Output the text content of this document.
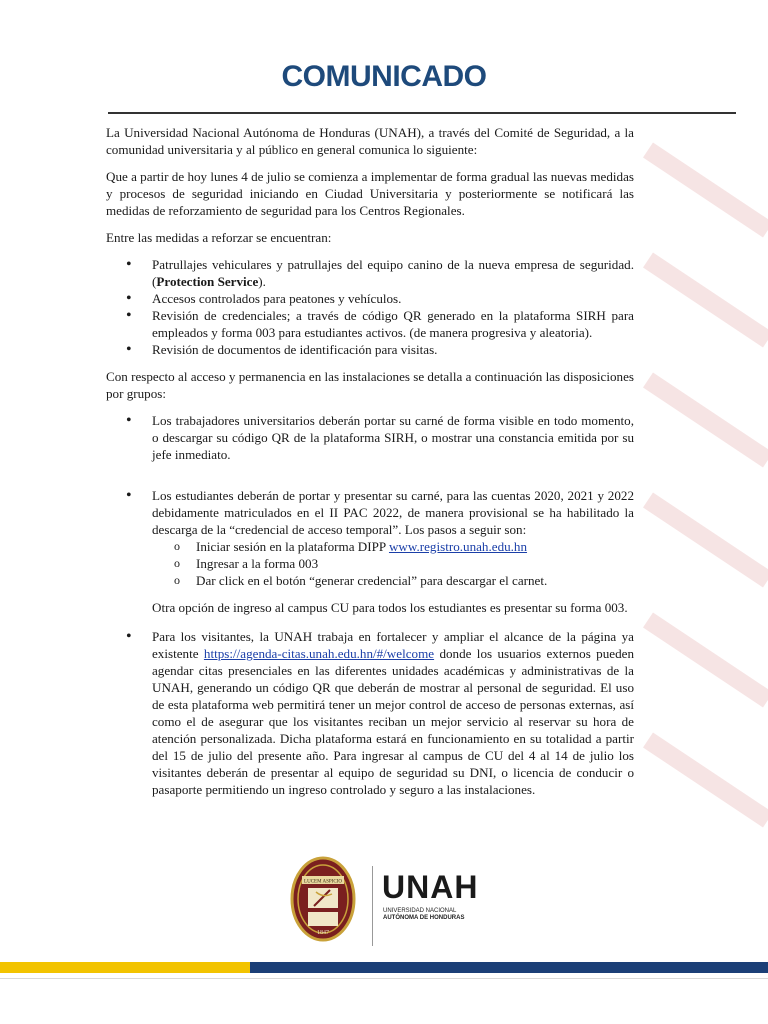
COMUNICADO

La Universidad Nacional Autónoma de Honduras (UNAH), a través del Comité de Seguridad, a la comunidad universitaria y al público en general comunica lo siguiente:

Que a partir de hoy lunes 4 de julio se comienza a implementar de forma gradual las nuevas medidas y procesos de seguridad iniciando en Ciudad Universitaria y posteriormente se notificará las medidas de reforzamiento de seguridad para los Centros Regionales.

Entre las medidas a reforzar se encuentran:

• Patrullajes vehiculares y patrullajes del equipo canino de la nueva empresa de seguridad. (Protection Service).
• Accesos controlados para peatones y vehículos.
• Revisión de credenciales; a través de código QR generado en la plataforma SIRH para empleados y forma 003 para estudiantes activos. (de manera progresiva y aleatoria).
• Revisión de documentos de identificación para visitas.

Con respecto al acceso y permanencia en las instalaciones se detalla a continuación las disposiciones por grupos:

• Los trabajadores universitarios deberán portar su carné de forma visible en todo momento, o descargar su código QR de la plataforma SIRH, o mostrar una constancia emitida por su jefe inmediato.
• Los estudiantes deberán de portar y presentar su carné, para las cuentas 2020, 2021 y 2022 debidamente matriculados en el II PAC 2022, de manera provisional se ha habilitado la descarga de la “credencial de acceso temporal”. Los pasos a seguir son:
o Iniciar sesión en la plataforma DIPP www.registro.unah.edu.hn
o Ingresar a la forma 003
o Dar click en el botón “generar credencial” para descargar el carnet.

Otra opción de ingreso al campus CU para todos los estudiantes es presentar su forma 003.

• Para los visitantes, la UNAH trabaja en fortalecer y ampliar el alcance de la página ya existente https://agenda-citas.unah.edu.hn/#/welcome donde los usuarios externos pueden agendar citas presenciales en las diferentes unidades académicas y administrativas de la UNAH, generando un código QR que deberán de mostrar al personal de seguridad. El uso de esta plataforma web permitirá tener un mejor control de acceso de personas externas, así como el de asegurar que los visitantes reciban un mejor servicio al reservar su hora de atención personalizada. Dicha plataforma estará en funcionamiento en su totalidad a partir del 15 de julio del presente año. Para ingresar al campus de CU del 4 al 14 de julio los visitantes deberán de presentar al equipo de seguridad su DNI, o licencia de conducir o pasaporte permitiendo un ingreso controlado y seguro a las instalaciones.
LUCEM ASPICIO
1847
UNAH
UNIVERSIDAD NACIONAL
AUTÓNOMA DE HONDURAS
